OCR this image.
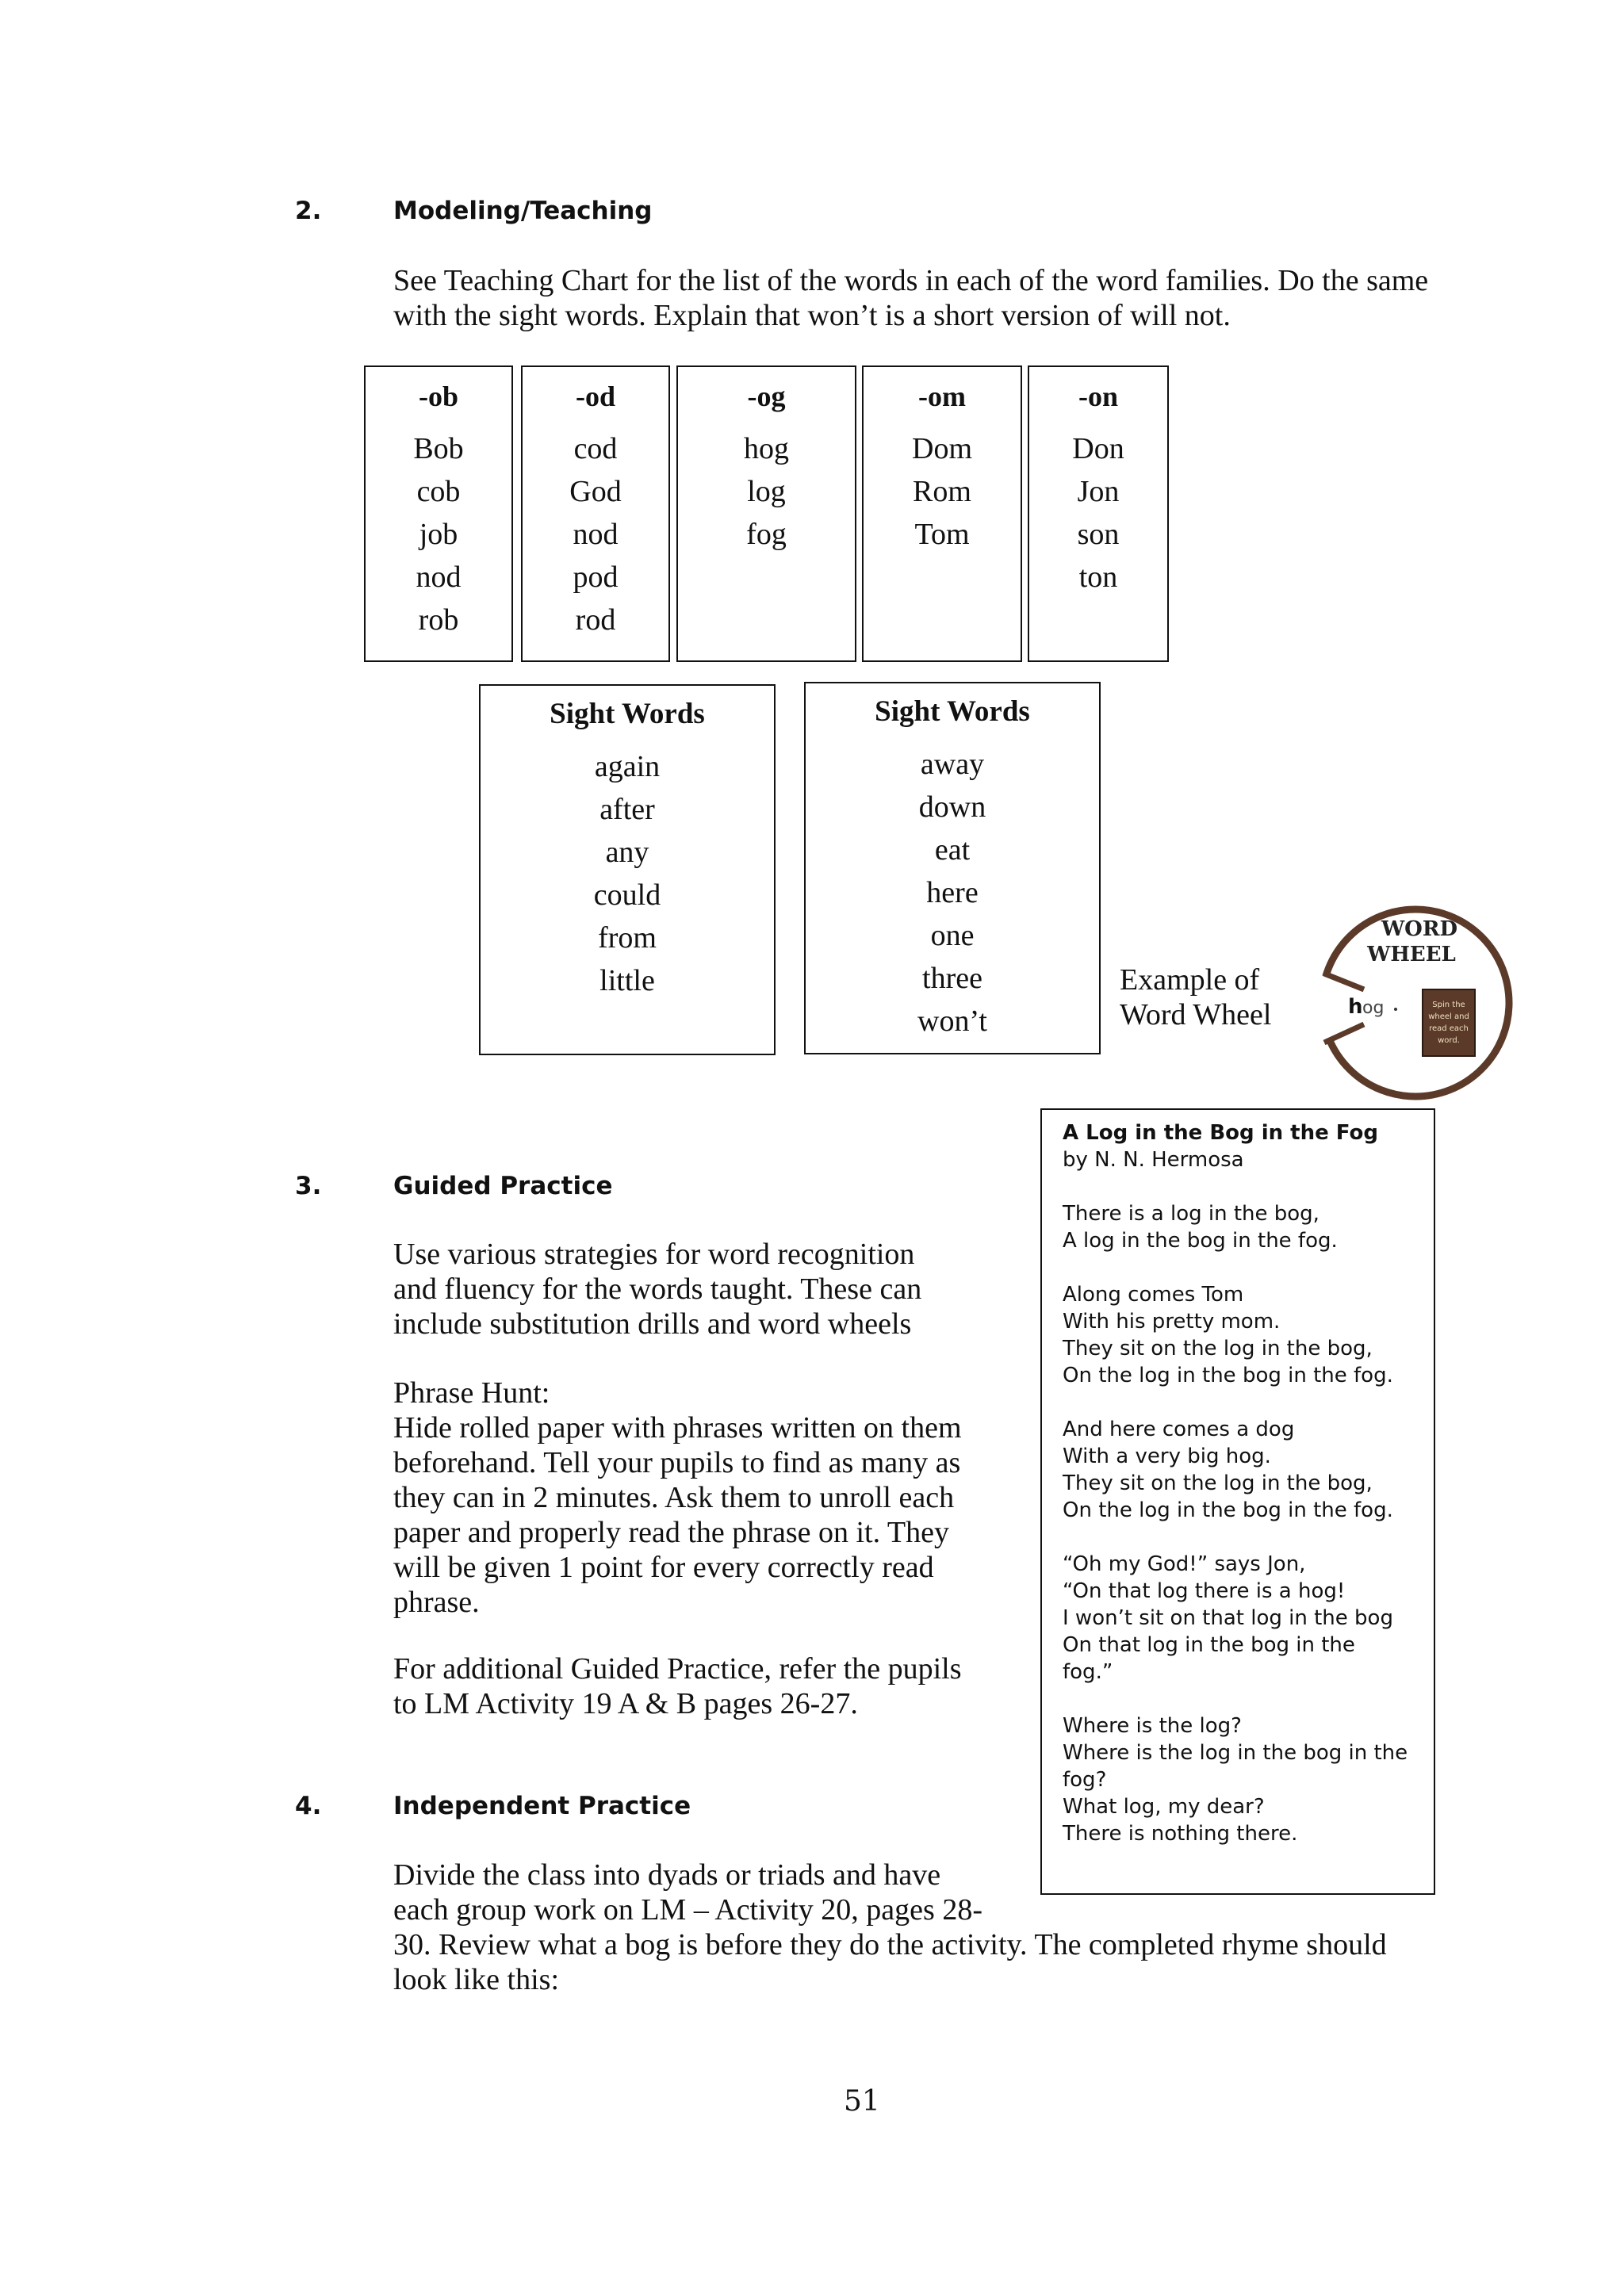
2.	Modeling/Teaching
See Teaching Chart for the list of the words in each of the word families. Do the same
with the sight words. Explain that won’t is a short version of will not.
-ob
Bob
cob
job
nod
rob
-od
cod
God
nod
pod
rod
-og
hog
log
fog
-om
Dom
Rom
Tom
-on
Don
Jon
son
ton
Sight Words
again
after
any
could
from
little
Sight Words
away
down
eat
here
one
three
won’t
Example of
Word Wheel
WORD
WHEEL
h og	Spin the
wheel and
read each
word.
A Log in the Bog in the Fog
by N. N. Hermosa
There is a log in the bog,
A log in the bog in the fog.
Along comes Tom
With his pretty mom.
They sit on the log in the bog,
On the log in the bog in the fog.
And here comes a dog
With a very big hog.
They sit on the log in the bog,
On the log in the bog in the fog.
“Oh my God!” says Jon,
“On that log there is a hog!
I won’t sit on that log in the bog
On that log in the bog in the
fog.”
Where is the log?
Where is the log in the bog in the
fog?
What log, my dear?
There is nothing there.
3.	Guided Practice
Use various strategies for word recognition
and fluency for the words taught. These can
include substitution drills and word wheels
Phrase Hunt:
Hide rolled paper with phrases written on them
beforehand. Tell your pupils to find as many as
they can in 2 minutes. Ask them to unroll each
paper and properly read the phrase on it. They
will be given 1 point for every correctly read
phrase.
For additional Guided Practice, refer the pupils
to LM Activity 19 A & B pages 26-27.
4.	Independent Practice
Divide the class into dyads or triads and have
each group work on LM – Activity 20, pages 28-
30. Review what a bog is before they do the activity. The completed rhyme should
look like this:
51
